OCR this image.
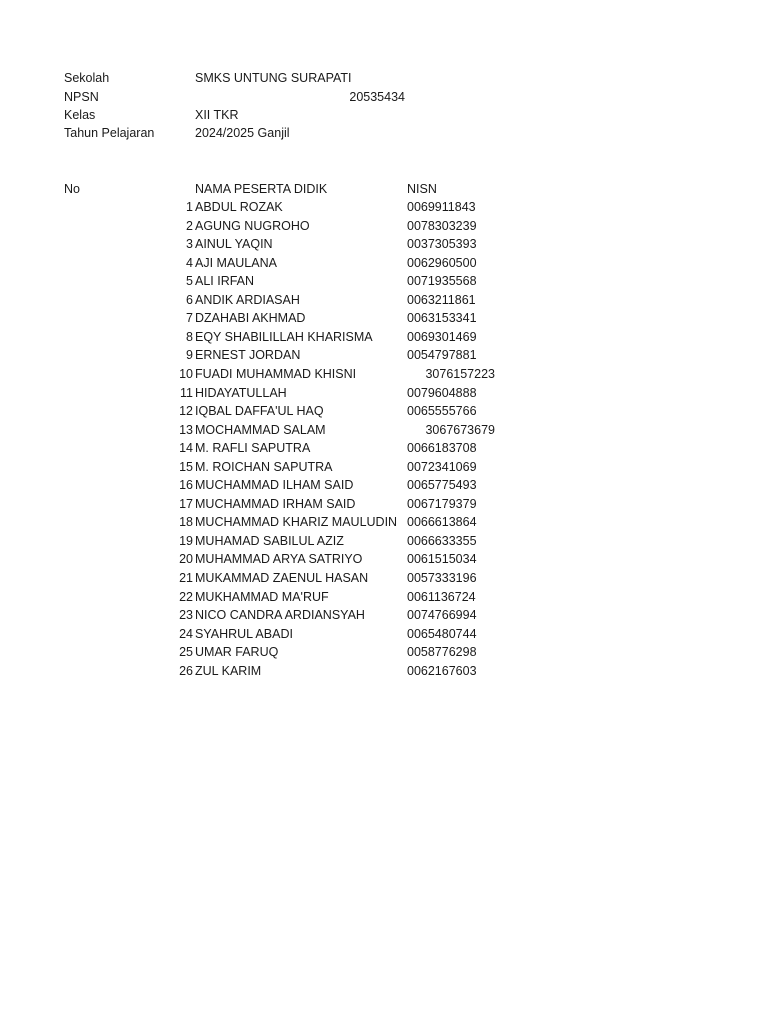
Sekolah	SMKS UNTUNG SURAPATI
NPSN	20535434
Kelas	XII TKR
Tahun Pelajaran	2024/2025 Ganjil
No	NAMA PESERTA DIDIK	NISN
1 ABDUL ROZAK	0069911843
2 AGUNG NUGROHO	0078303239
3 AINUL YAQIN	0037305393
4 AJI MAULANA	0062960500
5 ALI IRFAN	0071935568
6 ANDIK ARDIASAH	0063211861
7 DZAHABI AKHMAD	0063153341
8 EQY SHABILILLAH KHARISMA	0069301469
9 ERNEST JORDAN	0054797881
10 FUADI MUHAMMAD KHISNI	3076157223
11 HIDAYATULLAH	0079604888
12 IQBAL DAFFA'UL HAQ	0065555766
13 MOCHAMMAD SALAM	3067673679
14 M. RAFLI SAPUTRA	0066183708
15 M. ROICHAN SAPUTRA	0072341069
16 MUCHAMMAD ILHAM SAID	0065775493
17 MUCHAMMAD IRHAM SAID	0067179379
18 MUCHAMMAD KHARIZ MAULUDIN 0066613864
19 MUHAMAD SABILUL AZIZ	0066633355
20 MUHAMMAD ARYA SATRIYO	0061515034
21 MUKAMMAD ZAENUL HASAN	0057333196
22 MUKHAMMAD MA'RUF	0061136724
23 NICO CANDRA ARDIANSYAH	0074766994
24 SYAHRUL ABADI	0065480744
25 UMAR FARUQ	0058776298
26 ZUL KARIM	0062167603
